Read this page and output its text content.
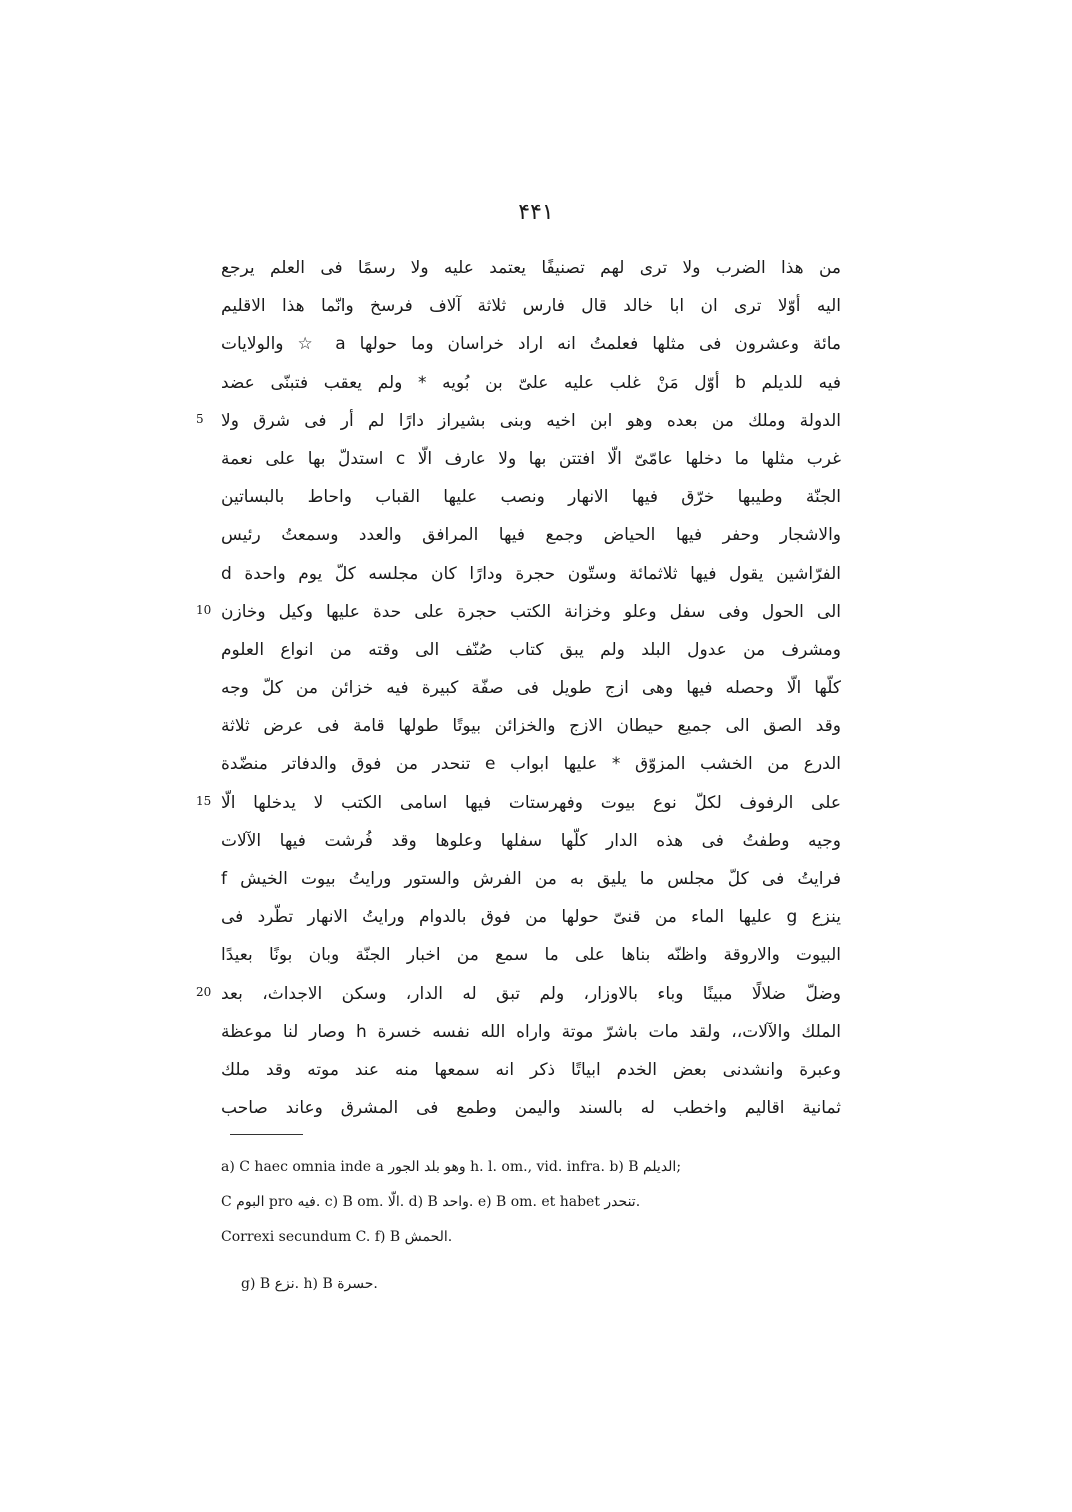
۴۴۱
من هذا الضرب ولا ترى لهم تصنيفًا يعتمد عليه ولا رسمًا فى العلم يرجع
اليه أوّلا ترى ان ابا خالد قال فارس ثلاثة آلاف فرسخ وانّما هذا الاقليم
مائة وعشرون فى مثلها فعلمتُ انه اراد خراسان وما حولها a ☆ والولايات
فيه للديلم b أوّل مَنْ غلب عليه علىّ بن بُويه * ولم يعقب فتبنّى عضد
الدولة وملك من بعده وهو ابن اخيه وبنى بشيراز دارًا لم أر فى شرق ولا
5
غرب مثلها ما دخلها عامّىّ الّا افتتن بها ولا عارف الّا c استدلّ بها على نعمة
الجنّة وطيبها خرّق فيها الانهار ونصب عليها القباب واحاط بالبساتين
والاشجار وحفر فيها الحياض وجمع فيها المرافق والعدد وسمعتُ رئيس
الفرّاشين يقول فيها ثلاثمائة وستّون حجرة ودارًا كان مجلسه كلّ يوم واحدة d
الى الحول وفى سفل وعلو وخزانة الكتب حجرة على حدة عليها وكيل وخازن
10
ومشرف من عدول البلد ولم يبق كتاب صُنّف الى وقته من انواع العلوم
كلّها الّا وحصله فيها وهى ازج طويل فى صفّة كبيرة فيه خزائن من كلّ وجه
وقد الصق الى جميع حيطان الازج والخزائن بيوتًا طولها قامة فى عرض ثلاثة
الدرع من الخشب المزوّق * عليها ابواب e تنحدر من فوق والدفاتر منضّدة
على الرفوف لكلّ نوع بيوت وفهرستات فيها اسامى الكتب لا يدخلها الّا
15
وجيه وطفتُ فى هذه الدار كلّها سفلها وعلوها وقد فُرشت فيها الآلات
فرايتُ فى كلّ مجلس ما يليق به من الفرش والستور ورايتُ بيوت الخيش f
ينزع g عليها الماء من قنىّ حولها من فوق بالدوام ورايتُ الانهار تطّرد فى
البيوت والاروقة واظنّه بناها على ما سمع من اخبار الجنّة وبان بونًا بعيدًا
وضلّ ضلالًا مبينًا وباء بالاوزار، ولم تبق له الدار، وسكن الاجداث، بعد
20
الملك والآلات،، ولقد مات باشرّ موتة واراه الله نفسه خسرة h وصار لنا موعظة
وعبرة وانشدنى بعض الخدم ابياتًا ذكر انه سمعها منه عند موته وقد ملك
ثمانية اقاليم واخطب له بالسند واليمن وطمع فى المشرق وعاند صاحب
a) C haec omnia inde a وهو بلد الجور h. l. om., vid. infra. b) B الديلم;
C البوم pro فيه. c) B om. الّا. d) B واحد. e) B om. et habet تنحدر.
Correxi secundum C. f) B الحمش.
g) B نزع. h) B حسرة.
